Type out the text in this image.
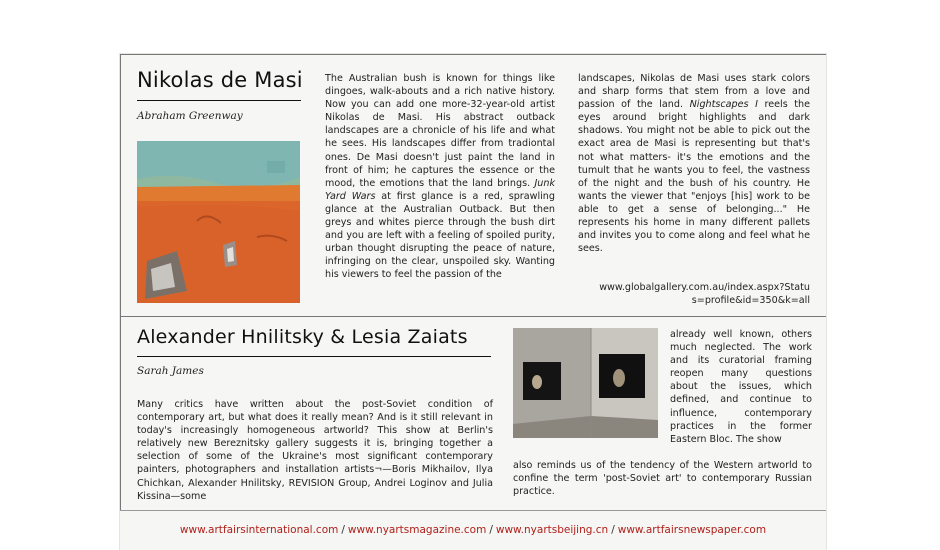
Nikolas de Masi
Abraham Greenway
The Australian bush is known for things like dingoes, walk-abouts and a rich native history. Now you can add one more-32-year-old artist Nikolas de Masi. His abstract outback landscapes are a chronicle of his life and what he sees. His landscapes differ from tradiontal ones. De Masi doesn't just paint the land in front of him; he captures the essence or the mood, the emotions that the land brings. Junk Yard Wars at first glance is a red, sprawling glance at the Australian Outback. But then greys and whites pierce through the bush dirt and you are left with a feeling of spoiled purity, urban thought disrupting the peace of nature, infringing on the clear, unspoiled sky. Wanting his viewers to feel the passion of the
landscapes, Nikolas de Masi uses stark colors and sharp forms that stem from a love and passion of the land. Nightscapes I reels the eyes around bright highlights and dark shadows. You might not be able to pick out the exact area de Masi is representing but that's not what matters- it's the emotions and the tumult that he wants you to feel, the vastness of the night and the bush of his country. He wants the viewer that "enjoys [his] work to be able to get a sense of belonging..." He represents his home in many different pallets and invites you to come along and feel what he sees.
www.globalgallery.com.au/index.aspx?Statu
s=profile&id=350&k=all
Alexander Hnilitsky & Lesia Zaiats
Sarah James
Many critics have written about the post-Soviet condition of contemporary art, but what does it really mean? And is it still relevant in today's increasingly homogeneous artworld? This show at Berlin's relatively new Bereznitsky gallery suggests it is, bringing together a selection of some of the Ukraine's most significant contemporary painters, photographers and installation artists¬—Boris Mikhailov, Ilya Chichkan, Alexander Hnilitsky, REVISION Group, Andrei Loginov and Julia Kissina—some
already well known, others much neglected. The work and its curatorial framing reopen many questions about the issues, which defined, and continue to influence, contemporary practices in the former Eastern Bloc. The show
also reminds us of the tendency of the Western artworld to confine the term 'post-Soviet art' to contemporary Russian practice.
www.artfairsinternational.com / www.nyartsmagazine.com / www.nyartsbeijing.cn / www.artfairsnewspaper.com
